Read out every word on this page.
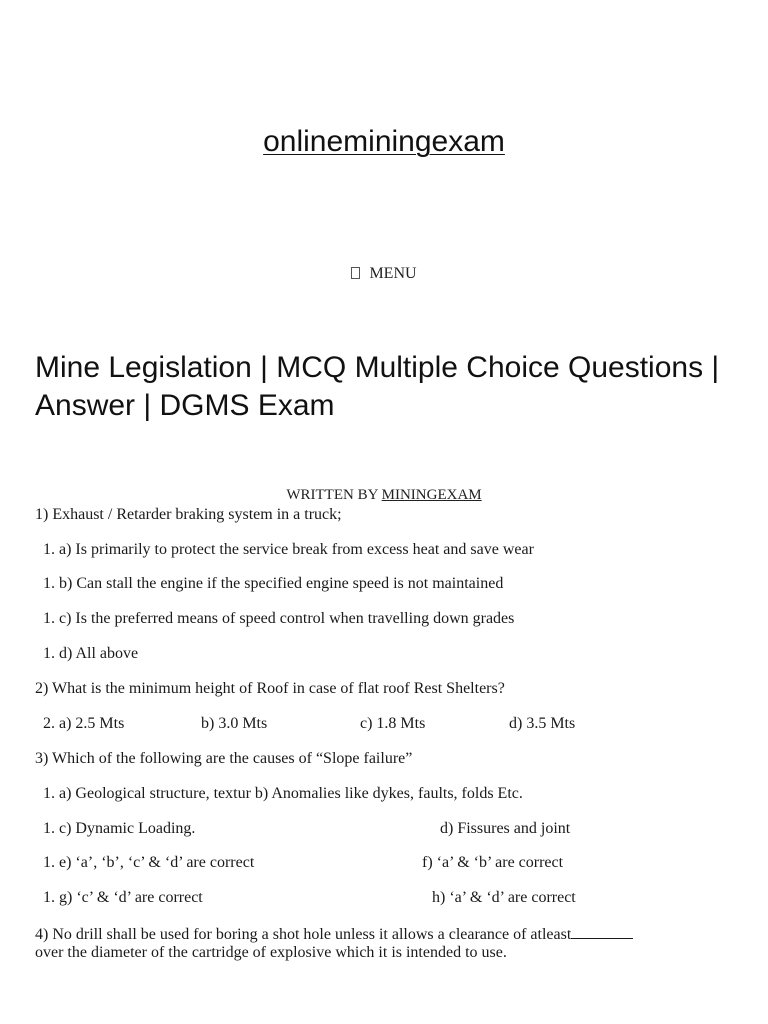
onlineminingexam
MENU
Mine Legislation | MCQ Multiple Choice Questions | Answer | DGMS Exam
WRITTEN BY MININGEXAM
1) Exhaust / Retarder braking system in a truck;
1. a) Is primarily to protect the service break from excess heat and save wear
1. b) Can stall the engine if the specified engine speed is not maintained
1. c) Is the preferred means of speed control when travelling down grades
1. d) All above
2) What is the minimum height of Roof in case of flat roof Rest Shelters?
2. a) 2.5 Mts	b) 3.0 Mts	c) 1.8 Mts	d) 3.5 Mts
3) Which of the following are the causes of “Slope failure”
1. a) Geological structure, textur b) Anomalies like dykes, faults, folds Etc.
1. c) Dynamic Loading.	d) Fissures and joint
1. e) ‘a’, ‘b’, ‘c’ & ‘d’ are correct	f) ‘a’ & ‘b’ are correct
1. g) ‘c’ & ‘d’ are correct	h) ‘a’ & ‘d’ are correct
4) No drill shall be used for boring a shot hole unless it allows a clearance of atleast
over the diameter of the cartridge of explosive which it is intended to use.
